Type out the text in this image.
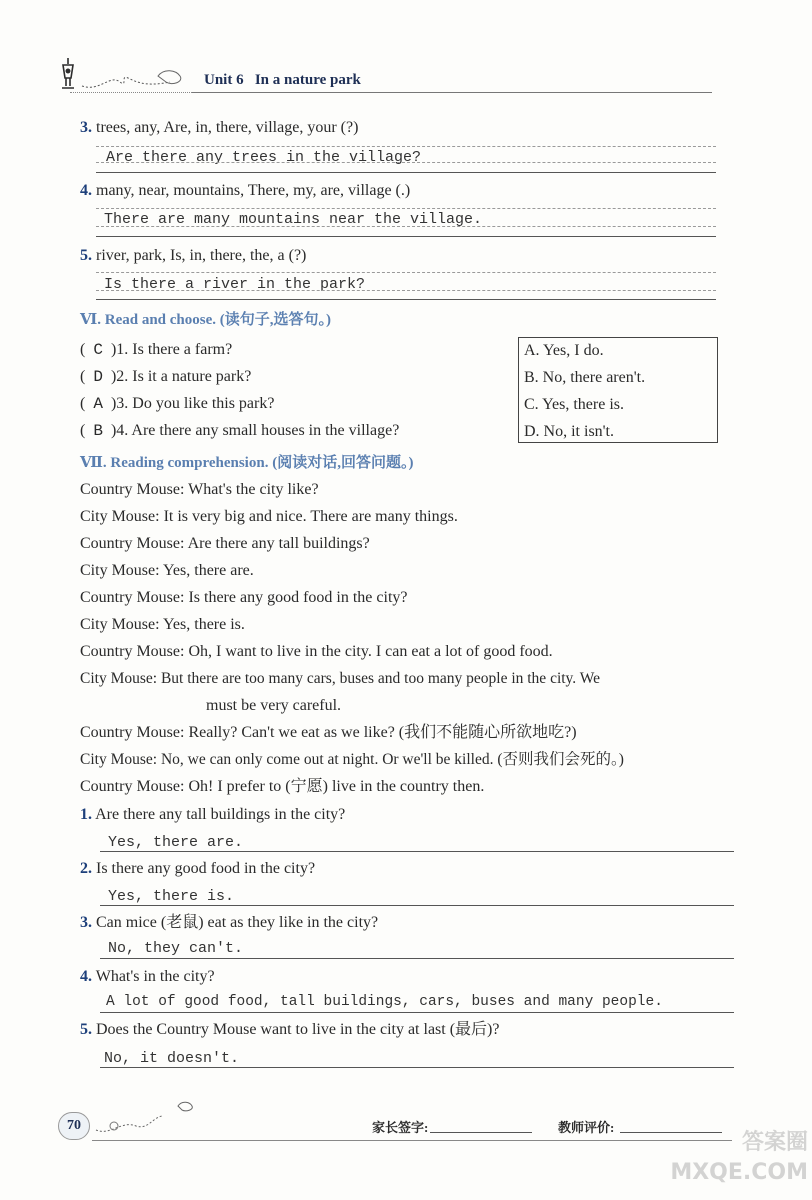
Unit 6 In a nature park
3. trees, any, Are, in, there, village, your (?)
Are there any trees in the village?
4. many, near, mountains, There, my, are, village (.)
There are many mountains near the village.
5. river, park, Is, in, there, the, a (?)
Is there a river in the park?
Ⅵ. Read and choose. (读句子,选答句。)
(  C )1. Is there a farm?
(  D )2. Is it a nature park?
(  A )3. Do you like this park?
(  B )4. Are there any small houses in the village?
A. Yes, I do.
B. No, there aren't.
C. Yes, there is.
D. No, it isn't.
Ⅶ. Reading comprehension. (阅读对话,回答问题。)
Country Mouse: What's the city like?
City Mouse: It is very big and nice. There are many things.
Country Mouse: Are there any tall buildings?
City Mouse: Yes, there are.
Country Mouse: Is there any good food in the city?
City Mouse: Yes, there is.
Country Mouse: Oh, I want to live in the city. I can eat a lot of good food.
City Mouse: But there are too many cars, buses and too many people in the city. We
must be very careful.
Country Mouse: Really? Can't we eat as we like? (我们不能随心所欲地吃?)
City Mouse: No, we can only come out at night. Or we'll be killed. (否则我们会死的。)
Country Mouse: Oh! I prefer to (宁愿) live in the country then.
1. Are there any tall buildings in the city?
Yes, there are.
2. Is there any good food in the city?
Yes, there is.
3. Can mice (老鼠) eat as they like in the city?
No, they can't.
4. What's in the city?
A lot of good food, tall buildings, cars, buses and many people.
5. Does the Country Mouse want to live in the city at last (最后)?
No, it doesn't.
70	家长签字:	教师评价:
答案圈 MXQE.COM
